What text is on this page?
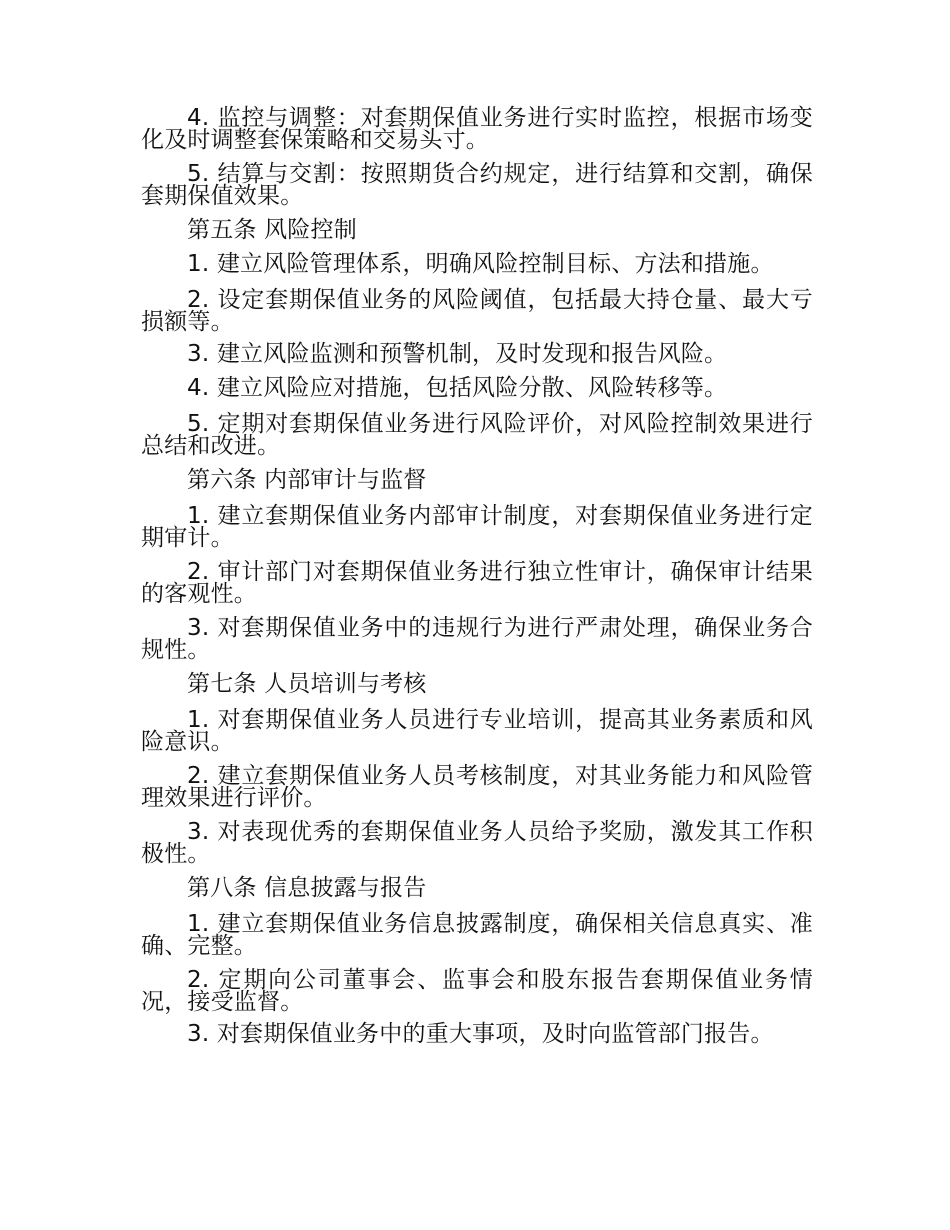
4. 监控与调整：对套期保值业务进行实时监控，根据市场变化及时调整套保策略和交易头寸。

5. 结算与交割：按照期货合约规定，进行结算和交割，确保套期保值效果。

第五条 风险控制

1. 建立风险管理体系，明确风险控制目标、方法和措施。

2. 设定套期保值业务的风险阈值，包括最大持仓量、最大亏损额等。

3. 建立风险监测和预警机制，及时发现和报告风险。

4. 建立风险应对措施，包括风险分散、风险转移等。

5. 定期对套期保值业务进行风险评价，对风险控制效果进行总结和改进。

第六条 内部审计与监督

1. 建立套期保值业务内部审计制度，对套期保值业务进行定期审计。

2. 审计部门对套期保值业务进行独立性审计，确保审计结果的客观性。

3. 对套期保值业务中的违规行为进行严肃处理，确保业务合规性。

第七条 人员培训与考核

1. 对套期保值业务人员进行专业培训，提高其业务素质和风险意识。

2. 建立套期保值业务人员考核制度，对其业务能力和风险管理效果进行评价。

3. 对表现优秀的套期保值业务人员给予奖励，激发其工作积极性。

第八条 信息披露与报告

1. 建立套期保值业务信息披露制度，确保相关信息真实、准确、完整。

2. 定期向公司董事会、监事会和股东报告套期保值业务情况，接受监督。

3. 对套期保值业务中的重大事项，及时向监管部门报告。
